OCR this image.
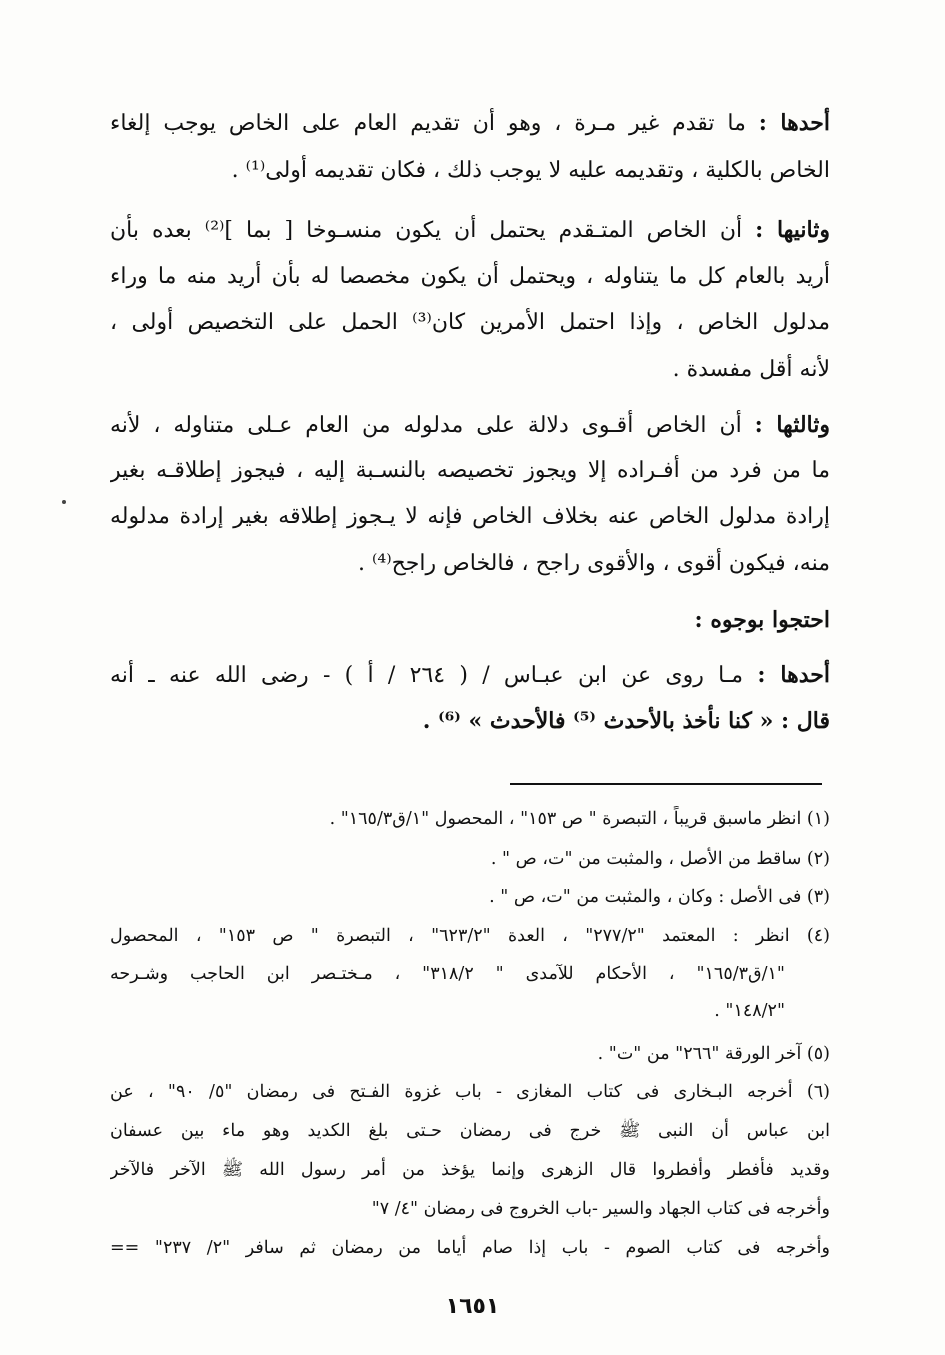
أحدها : ما تقدم غير مـرة ، وهو أن تقديم العام على الخاص يوجب إلغاء
الخاص بالكلية ، وتقديمه عليه لا يوجب ذلك ، فكان تقديمه أولى⁽¹⁾ .
وثانيها : أن الخاص المتـقدم يحتمل أن يكون منسـوخا [ بما ]⁽²⁾ بعده بأن
أريد بالعام كل ما يتناوله ، ويحتمل أن يكون مخصصا له بأن أريد منه ما وراء
مدلول الخاص ، وإذا احتمل الأمرين كان⁽³⁾ الحمل على التخصيص أولى ،
لأنه أقل مفسدة .
وثالثها : أن الخاص أقـوى دلالة على مدلوله من العام عـلى متناوله ، لأنه
ما من فرد من أفـراده إلا ويجوز تخصيصه بالنسـبة إليه ، فيجوز إطلاقـه بغير
إرادة مدلول الخاص عنه بخلاف الخاص فإنه لا يـجوز إطلاقه بغير إرادة مدلوله
منه، فيكون أقوى ، والأقوى راجح ، فالخاص راجح⁽⁴⁾ .
احتجوا بوجوه :
أحدها : مـا روى عن ابن عبـاس / ( ٢٦٤ / أ ) - رضى الله عنه ـ أنه
قال : « كنا نأخذ بالأحدث ⁽⁵⁾ فالأحدث » ⁽⁶⁾ .
(١) انظر ماسبق قريباً ، التبصرة " ص ١٥٣" ، المحصول "١/ق١٦٥/٣" .
(٢) ساقط من الأصل ، والمثبت من "ت، ص " .
(٣) فى الأصل : وكان ، والمثبت من "ت، ص " .
(٤) انظر : المعتمد "٢٧٧/٢" ، العدة "٦٢٣/٢" ، التبصرة " ص ١٥٣" ، المحصول
"١/ق١٦٥/٣" ، الأحكام للآمدى " ٣١٨/٢" ، مـختـصر ابن الحاجب وشـرحه
"١٤٨/٢" .
(٥) آخر الورقة "٢٦٦" من "ت" .
(٦) أخرجه البـخارى فى كتاب المغازى - باب غزوة الفـتح فى رمضان "٥/ ٩٠" ، عن
ابن عباس أن النبى ﷺ خرج فى رمضان حـتى بلغ الكديد وهو ماء بين عسفان
وقديد فأفطر وأفطروا قال الزهرى وإنما يؤخذ من أمر رسول الله ﷺ الآخر فالآخر
وأخرجه فى كتاب الجهاد والسير -باب الخروج فى رمضان "٤/ ٧"
وأخرجه فى كتاب الصوم - باب إذا صام أياما من رمضان ثم سافر "٢/ ٢٣٧" ==
١٦٥١
